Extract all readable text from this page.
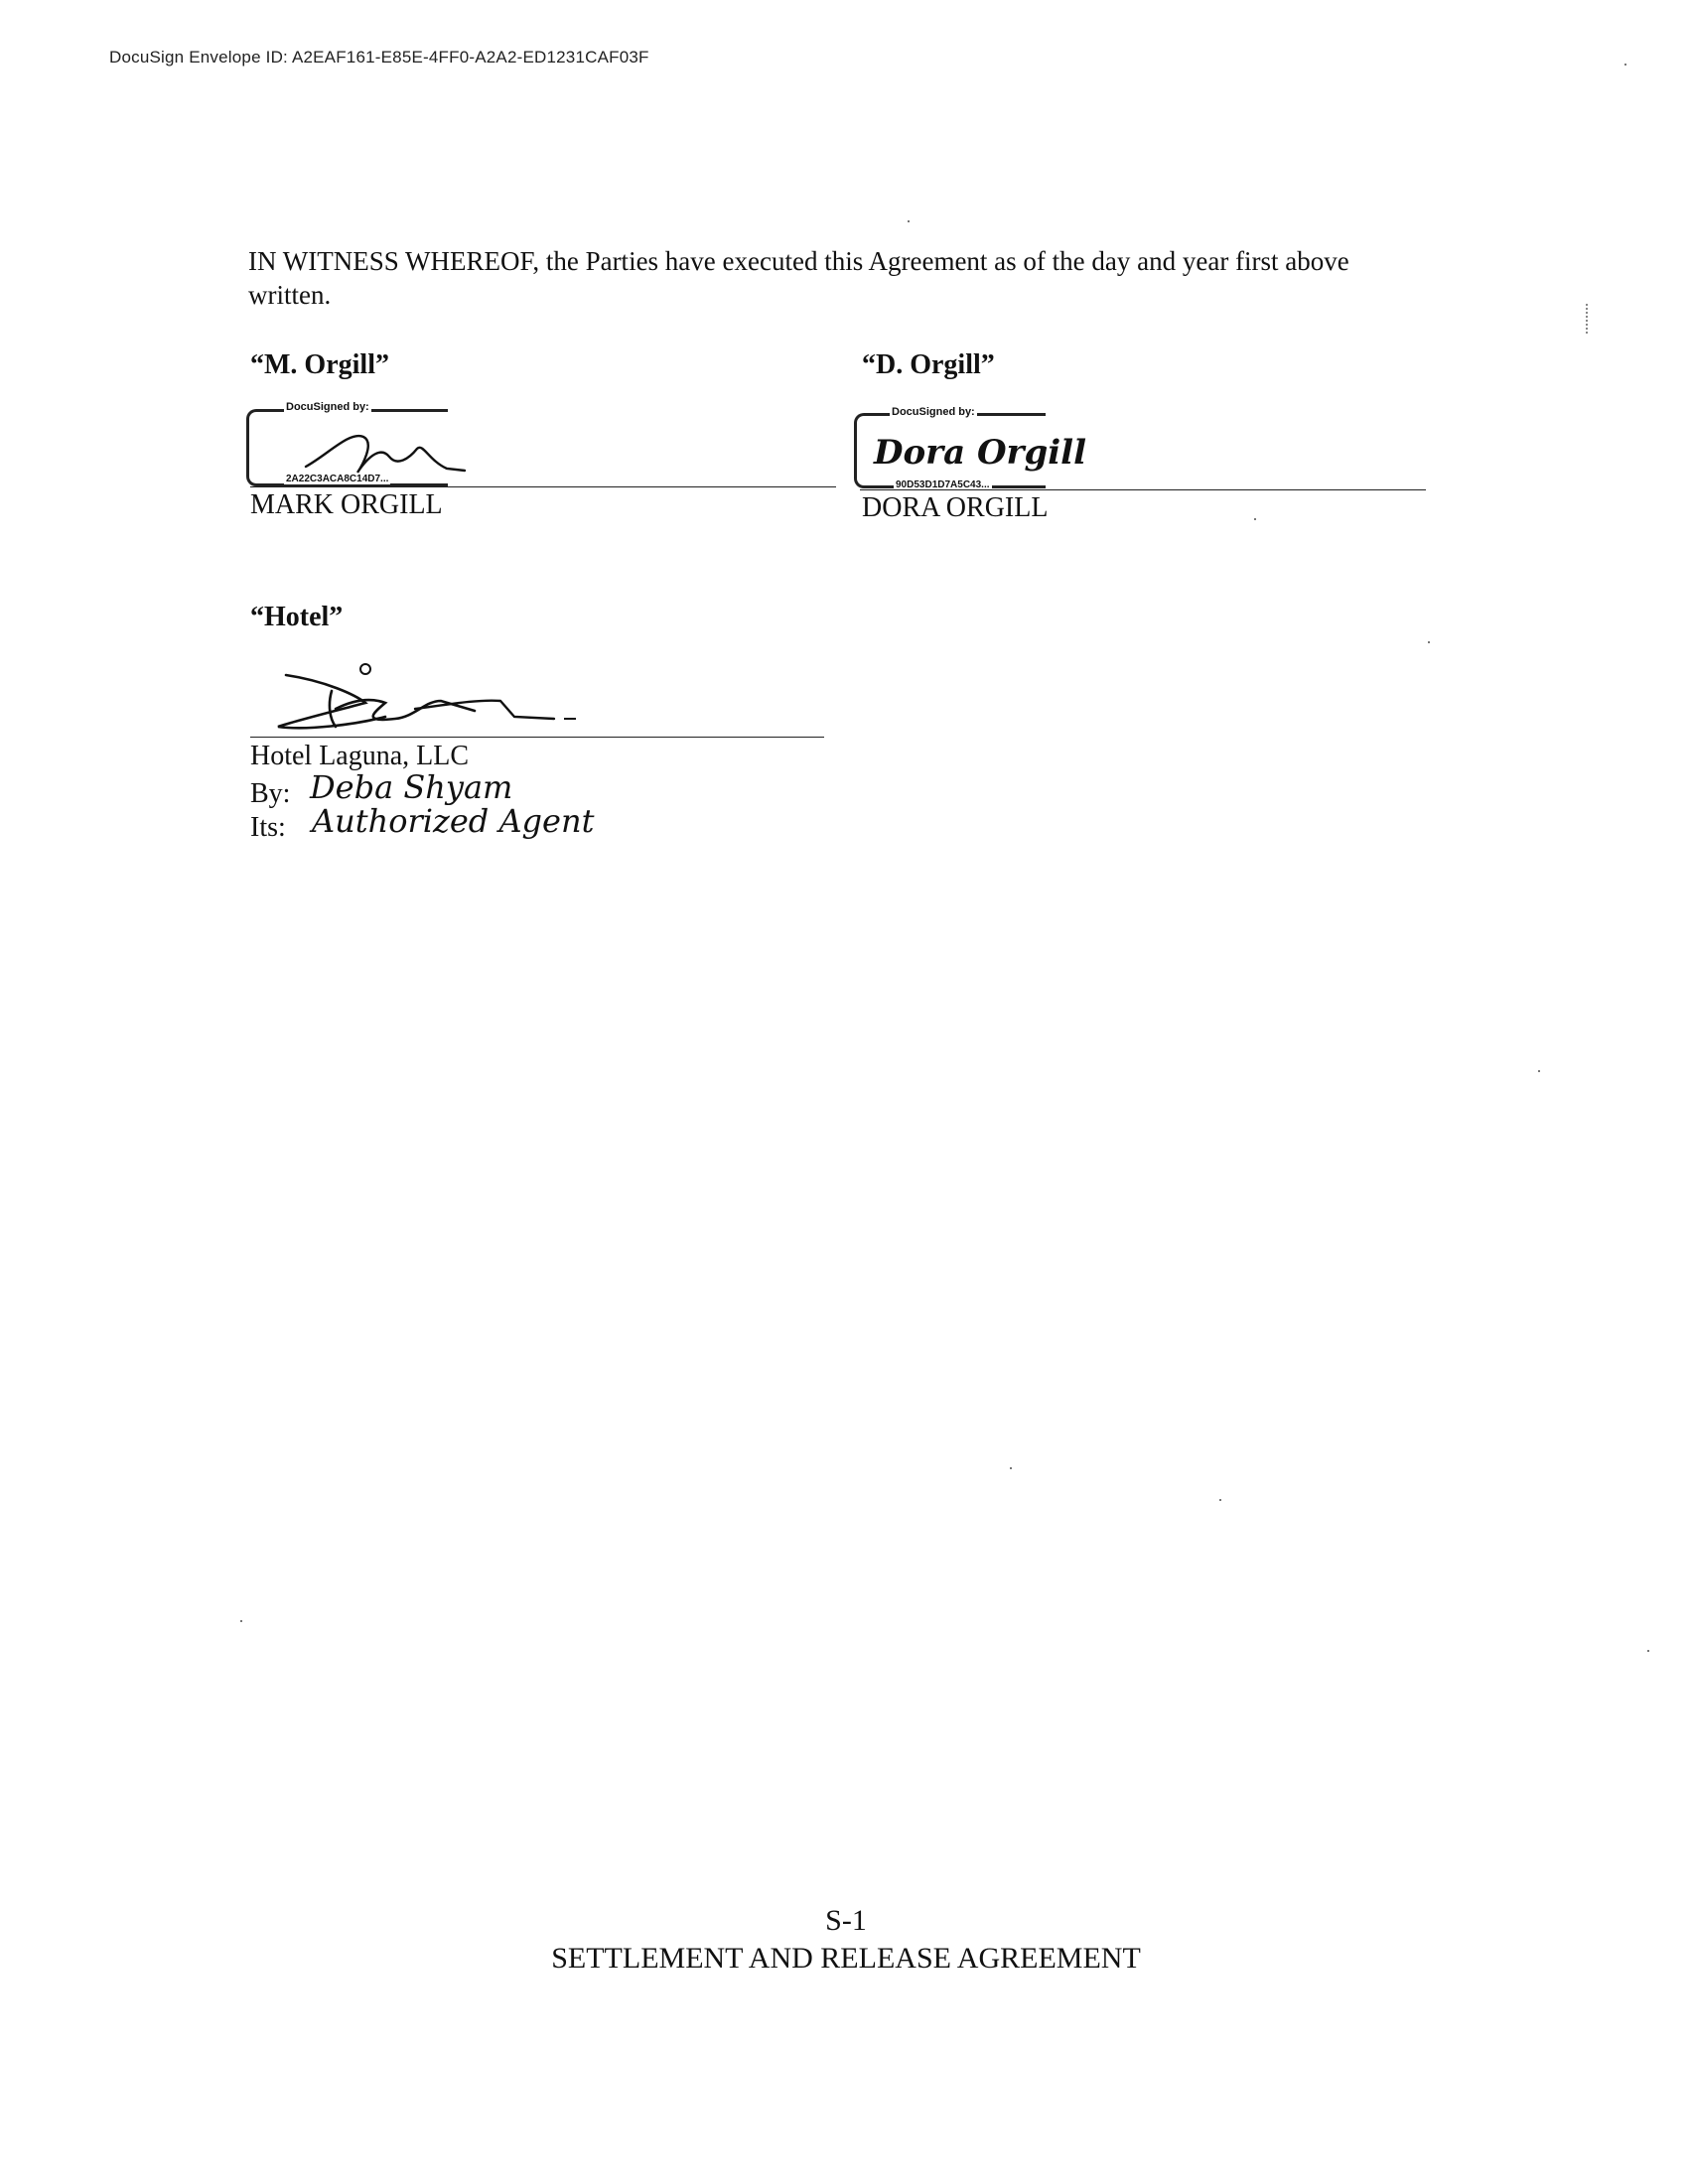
DocuSign Envelope ID: A2EAF161-E85E-4FF0-A2A2-ED1231CAF03F
IN WITNESS WHEREOF, the Parties have executed this Agreement as of the day and year first above written.
“M. Orgill”
DocuSigned by:
2A22C3ACA8C14D7...
MARK ORGILL
“D. Orgill”
DocuSigned by:
Dora Orgill
90D53D1D7A5C43...
DORA ORGILL
“Hotel”
Hotel Laguna, LLC
By: Deba Shyam
Its: Authorized Agent
S-1
SETTLEMENT AND RELEASE AGREEMENT
